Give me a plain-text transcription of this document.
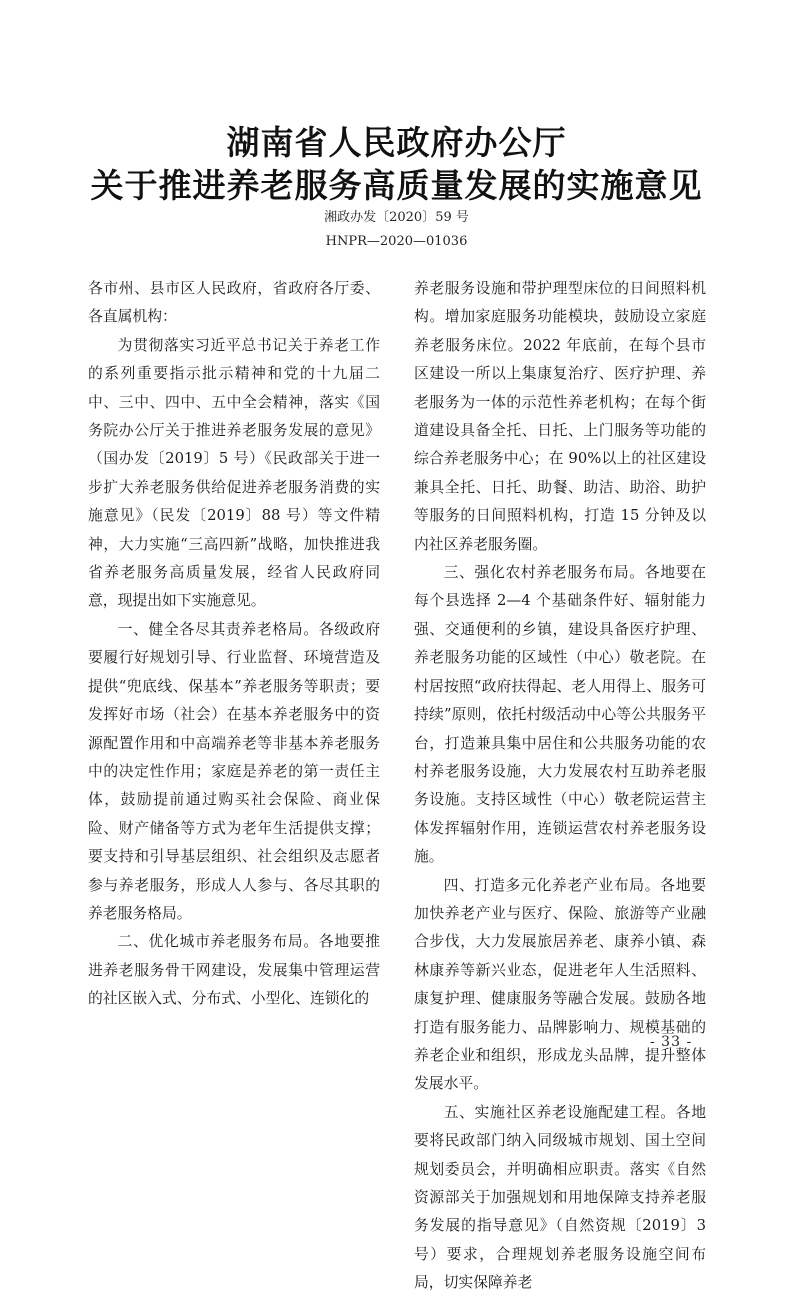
湖南省人民政府办公厅
关于推进养老服务高质量发展的实施意见
湘政办发〔2020〕59 号
HNPR—2020—01036

各市州、县市区人民政府，省政府各厅委、各直属机构：

为贯彻落实习近平总书记关于养老工作的系列重要指示批示精神和党的十九届二中、三中、四中、五中全会精神，落实《国务院办公厅关于推进养老服务发展的意见》（国办发〔2019〕5 号）《民政部关于进一步扩大养老服务供给促进养老服务消费的实施意见》（民发〔2019〕88 号）等文件精神，大力实施“三高四新”战略，加快推进我省养老服务高质量发展，经省人民政府同意，现提出如下实施意见。

一、健全各尽其责养老格局。各级政府要履行好规划引导、行业监督、环境营造及提供“兜底线、保基本”养老服务等职责；要发挥好市场（社会）在基本养老服务中的资源配置作用和中高端养老等非基本养老服务中的决定性作用；家庭是养老的第一责任主体，鼓励提前通过购买社会保险、商业保险、财产储备等方式为老年生活提供支撑；要支持和引导基层组织、社会组织及志愿者参与养老服务，形成人人参与、各尽其职的养老服务格局。

二、优化城市养老服务布局。各地要推进养老服务骨干网建设，发展集中管理运营的社区嵌入式、分布式、小型化、连锁化的

养老服务设施和带护理型床位的日间照料机构。增加家庭服务功能模块，鼓励设立家庭养老服务床位。2022 年底前，在每个县市区建设一所以上集康复治疗、医疗护理、养老服务为一体的示范性养老机构；在每个街道建设具备全托、日托、上门服务等功能的综合养老服务中心；在 90%以上的社区建设兼具全托、日托、助餐、助洁、助浴、助护等服务的日间照料机构，打造 15 分钟及以内社区养老服务圈。

三、强化农村养老服务布局。各地要在每个县选择 2—4 个基础条件好、辐射能力强、交通便利的乡镇，建设具备医疗护理、养老服务功能的区域性（中心）敬老院。在村居按照“政府扶得起、老人用得上、服务可持续”原则，依托村级活动中心等公共服务平台，打造兼具集中居住和公共服务功能的农村养老服务设施，大力发展农村互助养老服务设施。支持区域性（中心）敬老院运营主体发挥辐射作用，连锁运营农村养老服务设施。

四、打造多元化养老产业布局。各地要加快养老产业与医疗、保险、旅游等产业融合步伐，大力发展旅居养老、康养小镇、森林康养等新兴业态，促进老年人生活照料、康复护理、健康服务等融合发展。鼓励各地打造有服务能力、品牌影响力、规模基础的养老企业和组织，形成龙头品牌，提升整体发展水平。

五、实施社区养老设施配建工程。各地要将民政部门纳入同级城市规划、国土空间规划委员会，并明确相应职责。落实《自然资源部关于加强规划和用地保障支持养老服务发展的指导意见》（自然资规〔2019〕3 号）要求，合理规划养老服务设施空间布局，切实保障养老

- 33 -
